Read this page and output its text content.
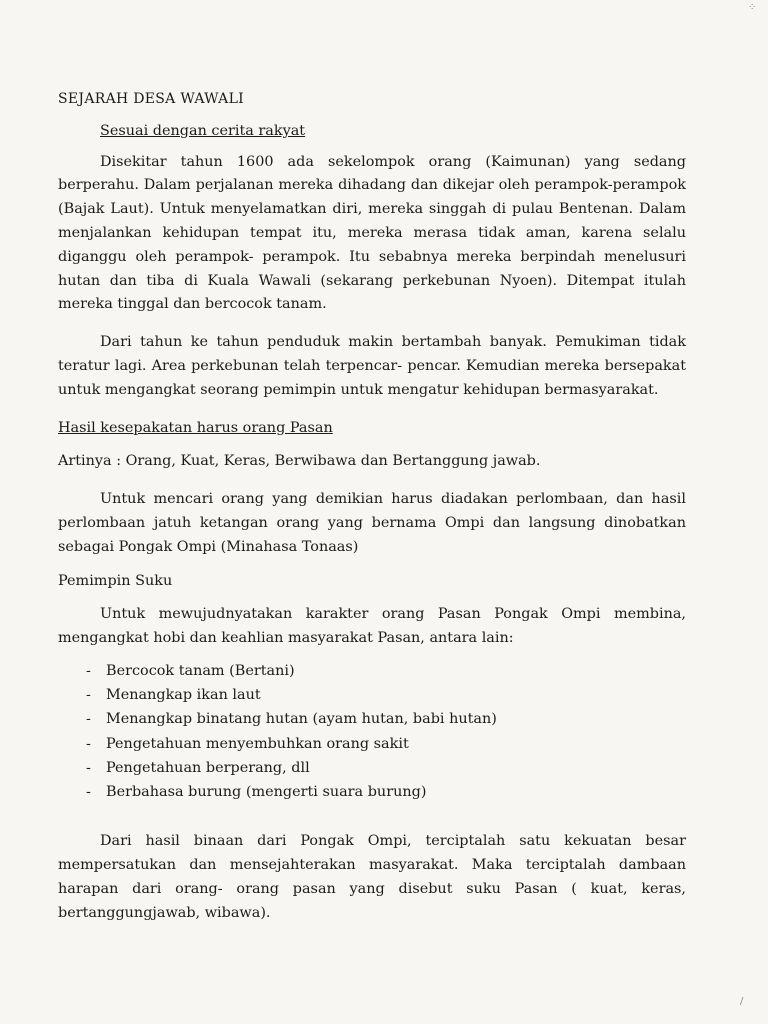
SEJARAH DESA WAWALI

Sesuai dengan cerita rakyat

Disekitar tahun 1600 ada sekelompok orang (Kaimunan) yang sedang berperahu. Dalam perjalanan mereka dihadang dan dikejar oleh perampok-perampok (Bajak Laut). Untuk menyelamatkan diri, mereka singgah di pulau Bentenan. Dalam menjalankan kehidupan tempat itu, mereka merasa tidak aman, karena selalu diganggu oleh perampok- perampok. Itu sebabnya mereka berpindah menelusuri hutan dan tiba di Kuala Wawali (sekarang perkebunan Nyoen). Ditempat itulah mereka tinggal dan bercocok tanam.

Dari tahun ke tahun penduduk makin bertambah banyak. Pemukiman tidak teratur lagi. Area perkebunan telah terpencar- pencar. Kemudian mereka bersepakat untuk mengangkat seorang pemimpin untuk mengatur kehidupan bermasyarakat.

Hasil kesepakatan harus orang Pasan

Artinya : Orang, Kuat, Keras, Berwibawa dan Bertanggung jawab.

Untuk mencari orang yang demikian harus diadakan perlombaan, dan hasil perlombaan jatuh ketangan orang yang bernama Ompi dan langsung dinobatkan sebagai Pongak Ompi (Minahasa Tonaas)

Pemimpin Suku

Untuk mewujudnyatakan karakter orang Pasan Pongak Ompi membina, mengangkat hobi dan keahlian masyarakat Pasan, antara lain:

- Bercocok tanam (Bertani)
- Menangkap ikan laut
- Menangkap binatang hutan (ayam hutan, babi hutan)
- Pengetahuan menyembuhkan orang sakit
- Pengetahuan berperang, dll
- Berbahasa burung (mengerti suara burung)

Dari hasil binaan dari Pongak Ompi, terciptalah satu kekuatan besar mempersatukan dan mensejahterakan masyarakat. Maka terciptalah dambaan harapan dari orang- orang pasan yang disebut suku Pasan ( kuat, keras, bertanggungjawab, wibawa).

⁘
/
